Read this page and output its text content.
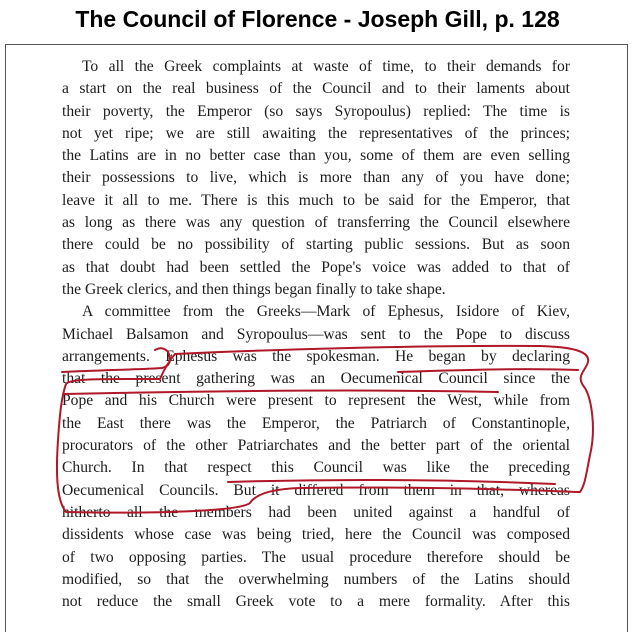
The Council of Florence - Joseph Gill, p. 128
To all the Greek complaints at waste of time, to their demands for
a start on the real business of the Council and to their laments about
their poverty, the Emperor (so says Syropoulus) replied: The time is
not yet ripe; we are still awaiting the representatives of the princes;
the Latins are in no better case than you, some of them are even selling
their possessions to live, which is more than any of you have done;
leave it all to me. There is this much to be said for the Emperor, that
as long as there was any question of transferring the Council elsewhere
there could be no possibility of starting public sessions. But as soon
as that doubt had been settled the Pope's voice was added to that of
the Greek clerics, and then things began finally to take shape.
A committee from the Greeks—Mark of Ephesus, Isidore of Kiev,
Michael Balsamon and Syropoulus—was sent to the Pope to discuss
arrangements. Ephesus was the spokesman. He began by declaring
that the present gathering was an Oecumenical Council since the
Pope and his Church were present to represent the West, while from
the East there was the Emperor, the Patriarch of Constantinople,
procurators of the other Patriarchates and the better part of the oriental
Church. In that respect this Council was like the preceding
Oecumenical Councils. But it differed from them in that, whereas
hitherto all the members had been united against a handful of
dissidents whose case was being tried, here the Council was composed
of two opposing parties. The usual procedure therefore should be
modified, so that the overwhelming numbers of the Latins should
not reduce the small Greek vote to a mere formality. After this
